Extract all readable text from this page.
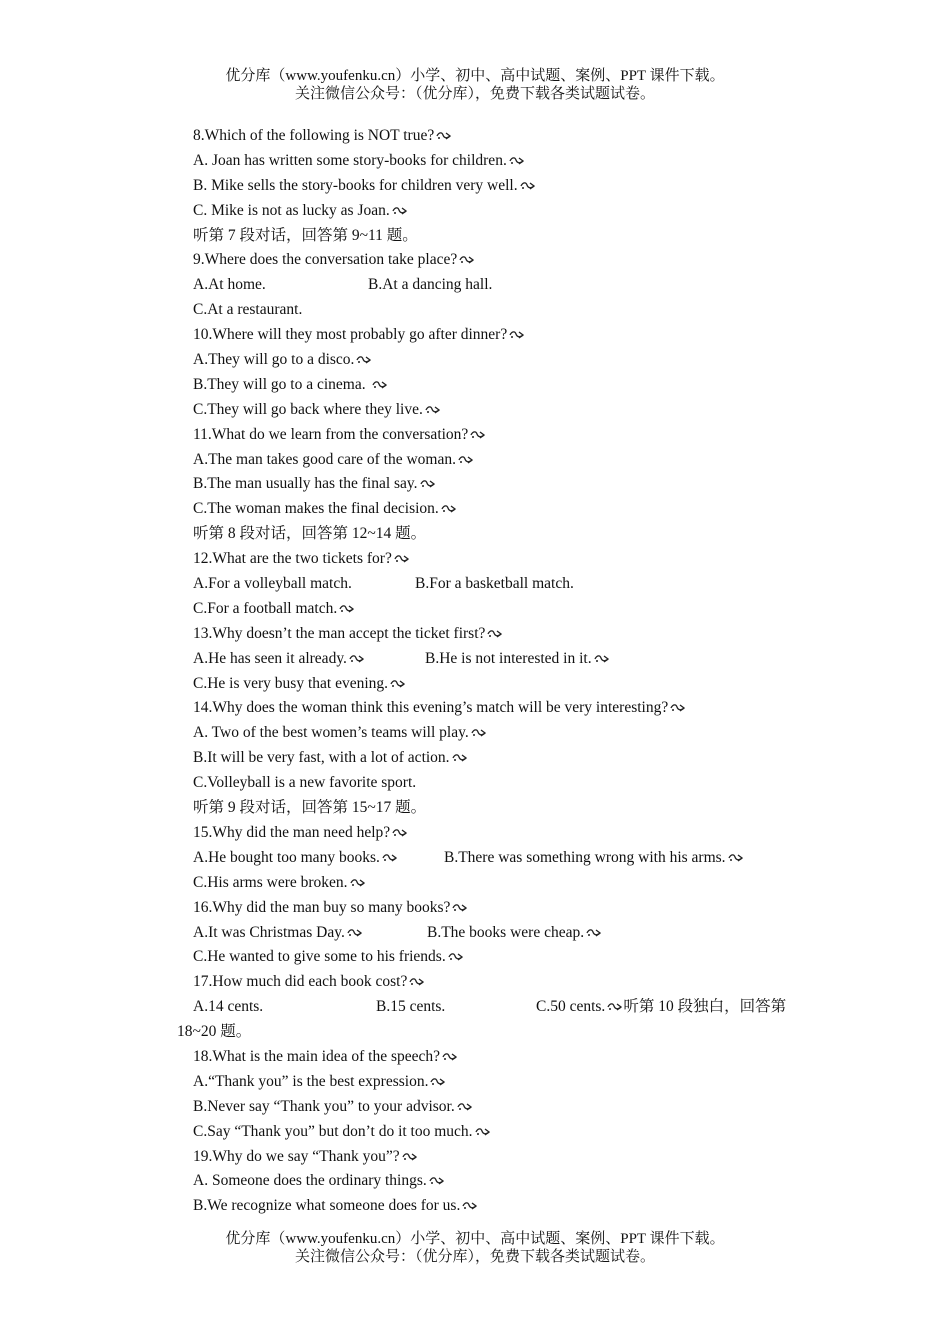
优分库（www.youfenku.cn）小学、初中、高中试题、案例、PPT 课件下载。
关注微信公众号：（优分库），免费下载各类试题试卷。
8.Which of the following is NOT true?
A. Joan has written some story-books for children.
B. Mike sells the story-books for children very well.
C. Mike is not as lucky as Joan.
听第 7 段对话，回答第 9~11 题。
9.Where does the conversation take place?
A.At home.	B.At a dancing hall.
C.At a restaurant.
10.Where will they most probably go after dinner?
A.They will go to a disco.
B.They will go to a cinema.
C.They will go back where they live.
11.What do we learn from the conversation?
A.The man takes good care of the woman.
B.The man usually has the final say.
C.The woman makes the final decision.
听第 8 段对话，回答第 12~14 题。
12.What are the two tickets for?
A.For a volleyball match.	B.For a basketball match.
C.For a football match.
13.Why doesn’t the man accept the ticket first?
A.He has seen it already.	B.He is not interested in it.
C.He is very busy that evening.
14.Why does the woman think this evening’s match will be very interesting?
A. Two of the best women’s teams will play.
B.It will be very fast, with a lot of action.
C.Volleyball is a new favorite sport.
听第 9 段对话，回答第 15~17 题。
15.Why did the man need help?
A.He bought too many books.	B.There was something wrong with his arms.
C.His arms were broken.
16.Why did the man buy so many books?
A.It was Christmas Day.	B.The books were cheap.
C.He wanted to give some to his friends.
17.How much did each book cost?
A.14 cents.	B.15 cents.	C.50 cents. 听第 10 段独白，回答第
18~20 题。
18.What is the main idea of the speech?
A.“Thank you” is the best expression.
B.Never say “Thank you” to your advisor.
C.Say “Thank you” but don’t do it too much.
19.Why do we say “Thank you”?
A. Someone does the ordinary things.
B.We recognize what someone does for us.
优分库（www.youfenku.cn）小学、初中、高中试题、案例、PPT 课件下载。
关注微信公众号：（优分库），免费下载各类试题试卷。
